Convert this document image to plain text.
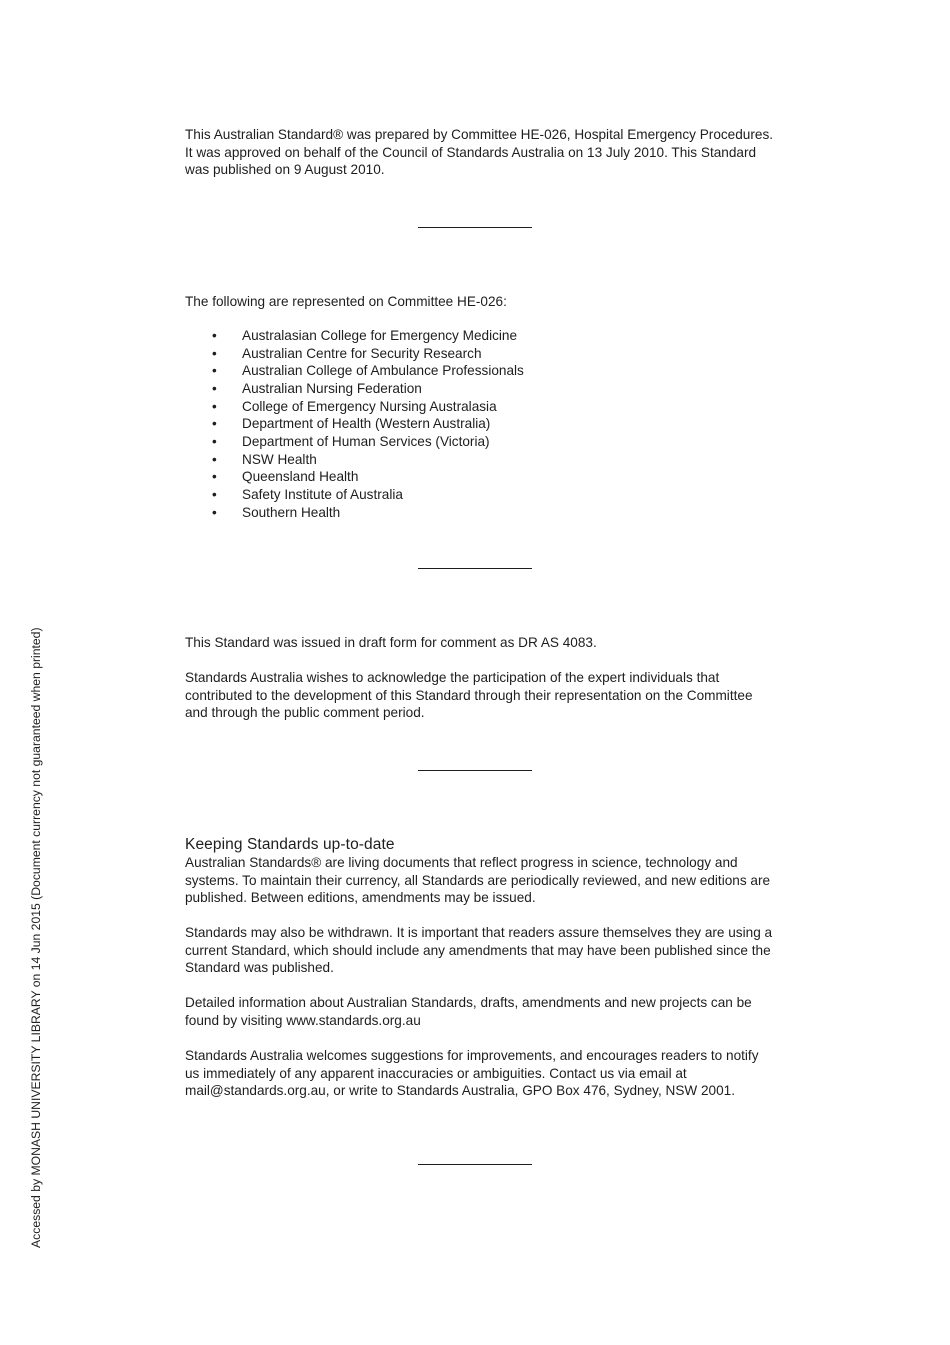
This Australian Standard® was prepared by Committee HE-026, Hospital Emergency Procedures. It was approved on behalf of the Council of Standards Australia on 13 July 2010. This Standard was published on 9 August 2010.

The following are represented on Committee HE-026:

• Australasian College for Emergency Medicine
• Australian Centre for Security Research
• Australian College of Ambulance Professionals
• Australian Nursing Federation
• College of Emergency Nursing Australasia
• Department of Health (Western Australia)
• Department of Human Services (Victoria)
• NSW Health
• Queensland Health
• Safety Institute of Australia
• Southern Health

This Standard was issued in draft form for comment as DR AS 4083.

Standards Australia wishes to acknowledge the participation of the expert individuals that contributed to the development of this Standard through their representation on the Committee and through the public comment period.

Keeping Standards up-to-date

Australian Standards® are living documents that reflect progress in science, technology and systems. To maintain their currency, all Standards are periodically reviewed, and new editions are published. Between editions, amendments may be issued.

Standards may also be withdrawn. It is important that readers assure themselves they are using a current Standard, which should include any amendments that may have been published since the Standard was published.

Detailed information about Australian Standards, drafts, amendments and new projects can be found by visiting www.standards.org.au

Standards Australia welcomes suggestions for improvements, and encourages readers to notify us immediately of any apparent inaccuracies or ambiguities. Contact us via email at mail@standards.org.au, or write to Standards Australia, GPO Box 476, Sydney, NSW 2001.

Accessed by MONASH UNIVERSITY LIBRARY on 14 Jun 2015 (Document currency not guaranteed when printed)
